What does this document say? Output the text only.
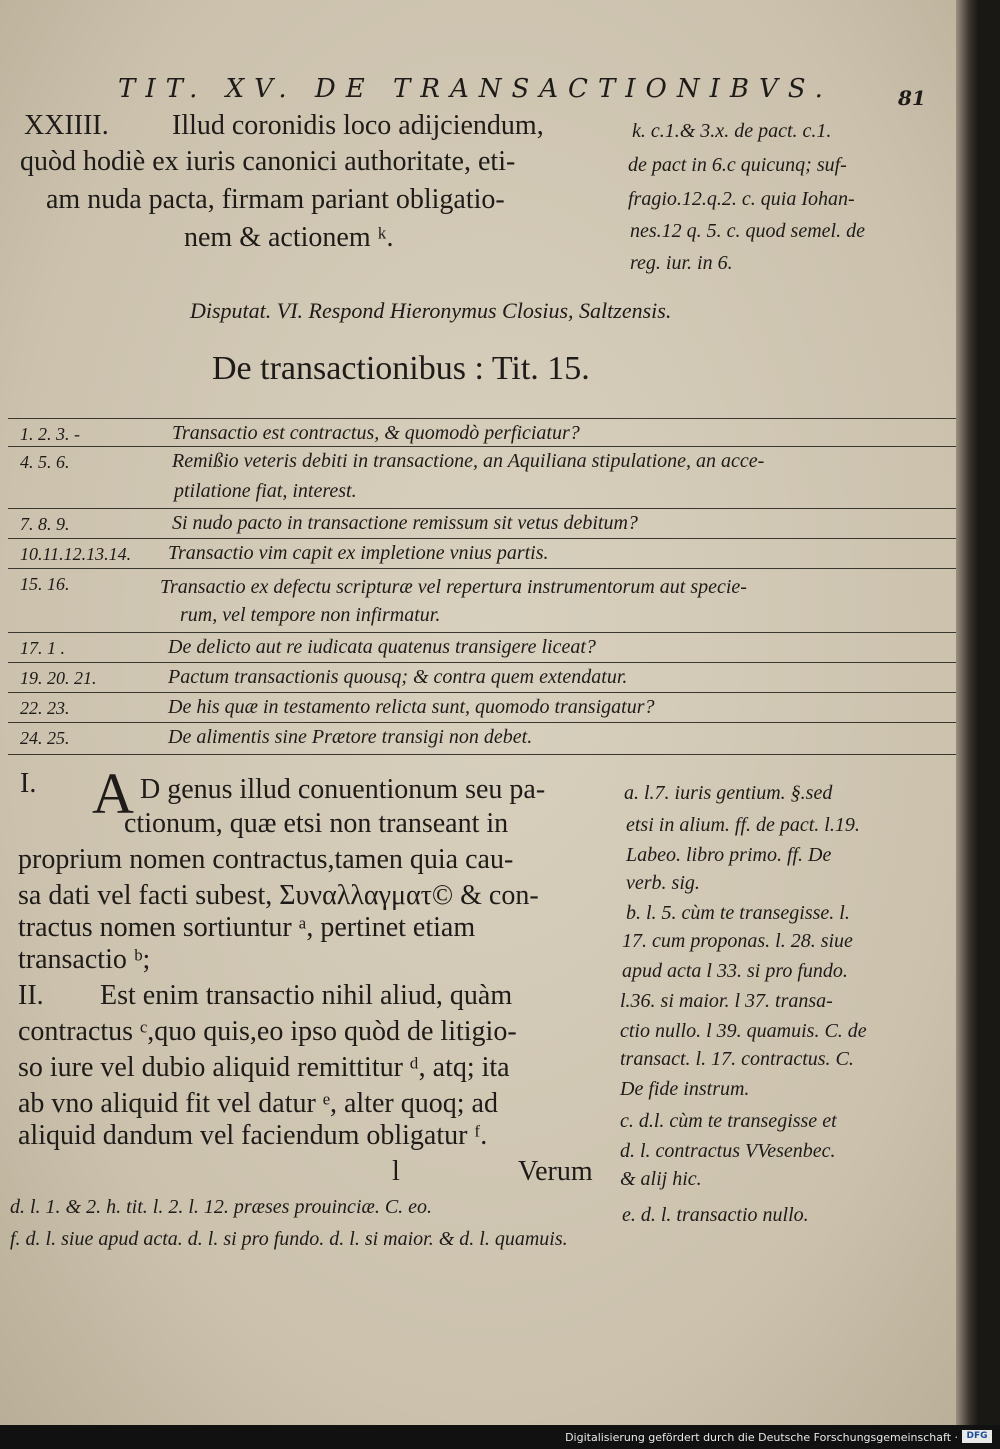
TIT. XV. DE TRANSACTIONIBVS.	81
XXIIII. Illud coronidis loco adijciendum,
quòd hodiè ex iuris canonici authoritate, eti-
am nuda pacta, firmam pariant obligatio-
nem & actionem ᵏ.
k. c.1.& 3.x. de pact. c.1.
de pact in 6.c quicunq; suf-
fragio.12.q.2. c. quia Iohan-
nes.12 q. 5. c. quod semel. de
reg. iur. in 6.
Disputat. VI. Respond Hieronymus Closius, Saltzensis.
De transactionibus : Tit. 15.
1. 2. 3. -	Transactio est contractus, & quomodò perficiatur?
4. 5. 6.	Remißio veteris debiti in transactione, an Aquiliana stipulatione, an acce-
ptilatione fiat, interest.
7. 8. 9.	Si nudo pacto in transactione remissum sit vetus debitum?
10.11.12.13.14. Transactio vim capit ex impletione vnius partis.
15. 16.	Transactio ex defectu scripturæ vel repertura instrumentorum aut specie-
rum, vel tempore non infirmatur.
17. 1 .	De delicto aut re iudicata quatenus transigere liceat?
19. 20. 21.	Pactum transactionis quousq; & contra quem extendatur.
22. 23.	De his quæ in testamento relicta sunt, quomodo transigatur?
24. 25.	De alimentis sine Prætore transigi non debet.
I. A D genus illud conuentionum seu pa-
ctionum, quæ etsi non transeant in
proprium nomen contractus,tamen quia cau-
sa dati vel facti subest, Συναλλαγματ© & con-
tractus nomen sortiuntur ᵃ, pertinet etiam
transactio ᵇ;
II. Est enim transactio nihil aliud, quàm
contractus ᶜ,quo quis,eo ipso quòd de litigio-
so iure vel dubio aliquid remittitur ᵈ, atq; ita
ab vno aliquid fit vel datur ᵉ, alter quoq; ad
aliquid dandum vel faciendum obligatur ᶠ.
l	Verum
a. l.7. iuris gentium. §.sed
etsi in alium. ff. de pact. l.19.
Labeo. libro primo. ff. De
verb. sig.
b. l. 5. cùm te transegisse. l.
17. cum proponas. l. 28. siue
apud acta l 33. si pro fundo.
l.36. si maior. l 37. transa-
ctio nullo. l 39. quamuis. C. de
transact. l. 17. contractus. C.
De fide instrum.
c. d.l. cùm te transegisse et
d. l. contractus VVesenbec.
& alij hic.
d. l. 1. & 2. h. tit. l. 2. l. 12. præses prouinciæ. C. eo.	e. d. l. transactio nullo.
f. d. l. siue apud acta. d. l. si pro fundo. d. l. si maior. & d. l. quamuis.
Digitalisierung gefördert durch die Deutsche Forschungsgemeinschaft · DFG
